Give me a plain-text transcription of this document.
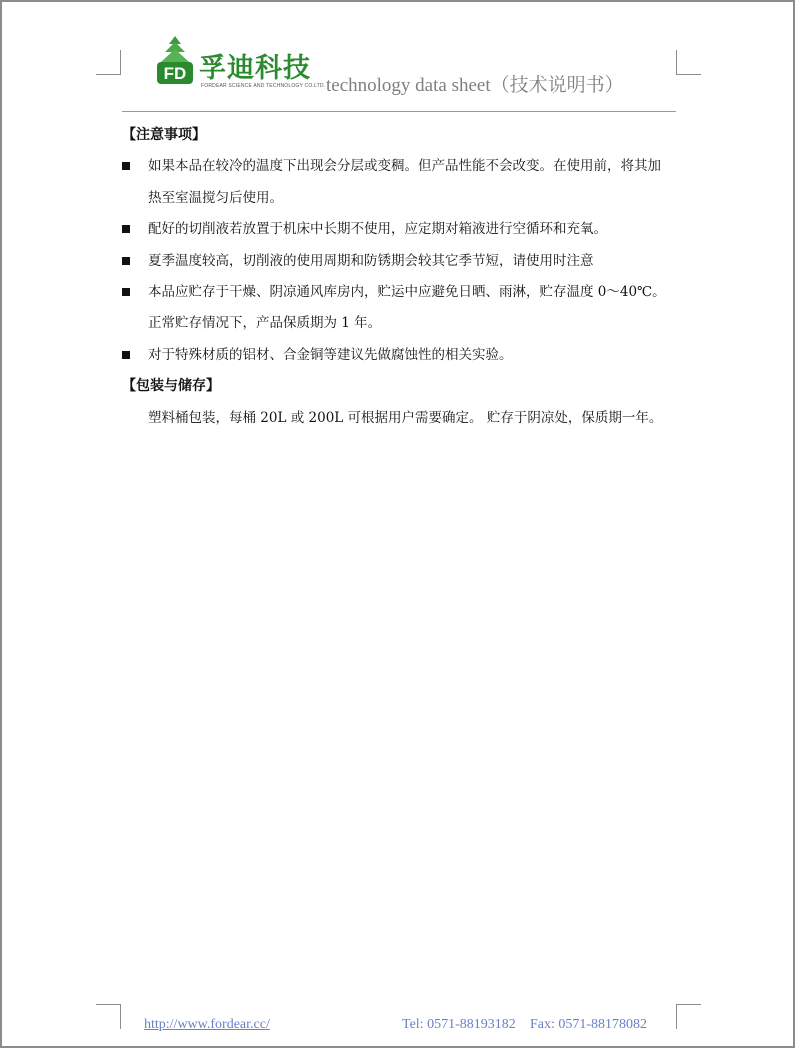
FD 孚迪科技
FORDEAR SCIENCE AND TECHNOLOGY CO.LTD. technology data sheet（技术说明书）
【注意事项】
如果本品在较冷的温度下出现会分层或变稠。但产品性能不会改变。在使用前，将其加
热至室温搅匀后使用。
配好的切削液若放置于机床中长期不使用，应定期对箱液进行空循环和充氧。
夏季温度较高，切削液的使用周期和防锈期会较其它季节短，请使用时注意
本品应贮存于干燥、阴凉通风库房内，贮运中应避免日晒、雨淋，贮存温度 0～40℃。
正常贮存情况下，产品保质期为 1 年。
对于特殊材质的铝材、合金铜等建议先做腐蚀性的相关实验。
【包装与储存】
塑料桶包装，每桶 20L 或 200L 可根据用户需要确定。 贮存于阴凉处，保质期一年。
http://www.fordear.cc/	Tel: 0571-88193182 Fax: 0571-88178082
